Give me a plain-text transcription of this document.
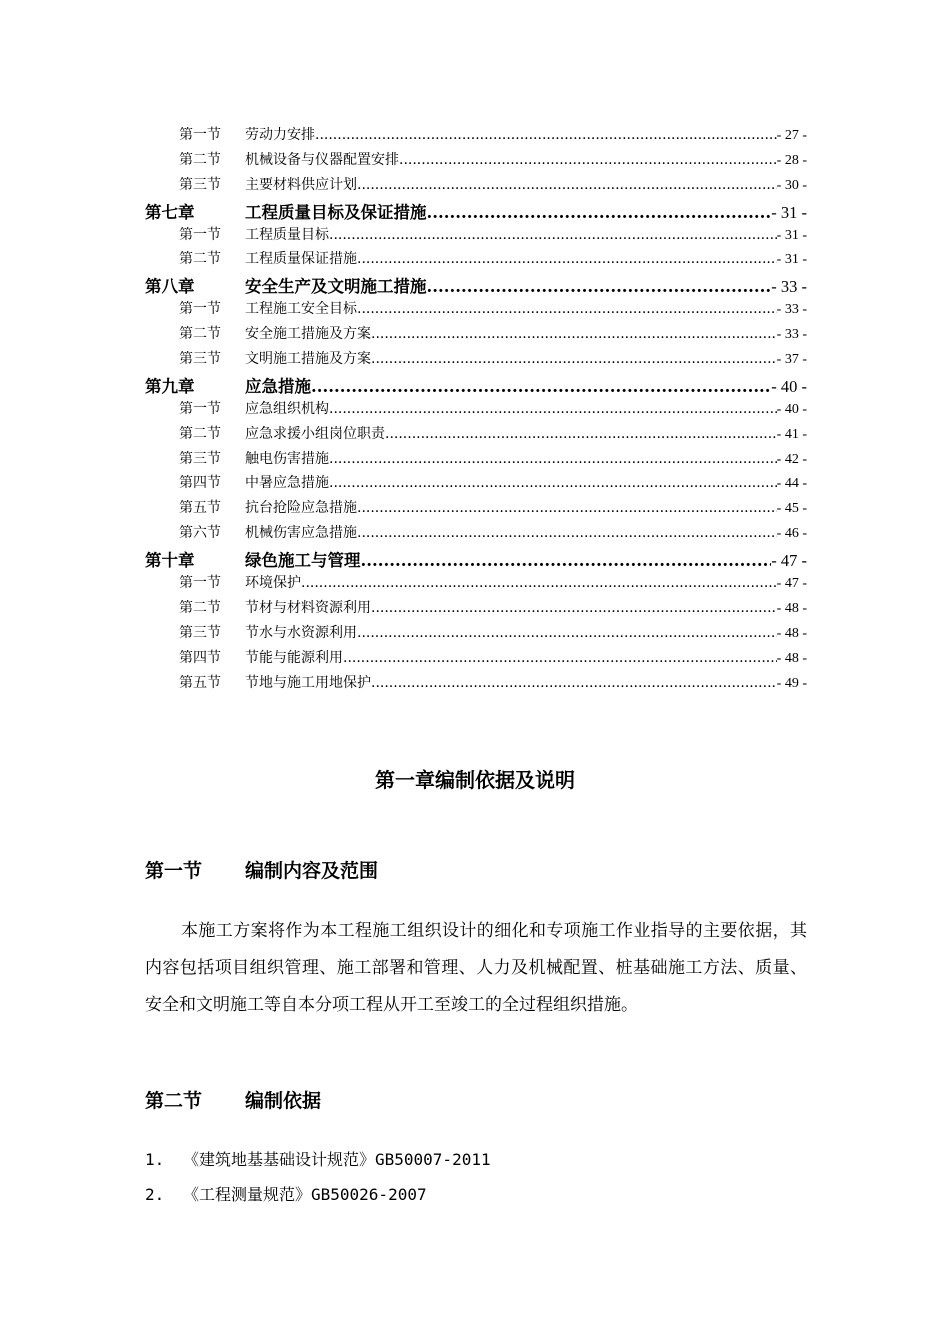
第一节	劳动力安排 .....	- 27 -
第二节	机械设备与仪器配置安排 .....	- 28 -
第三节	主要材料供应计划 .....	- 30 -
第七章	工程质量目标及保证措施 .....	- 31 -
第一节	工程质量目标 .....	- 31 -
第二节	工程质量保证措施 .....	- 31 -
第八章	安全生产及文明施工措施 .....	- 33 -
第一节	工程施工安全目标 .....	- 33 -
第二节	安全施工措施及方案 .....	- 33 -
第三节	文明施工措施及方案 .....	- 37 -
第九章	应急措施 .....	- 40 -
第一节	应急组织机构 .....	- 40 -
第二节	应急求援小组岗位职责 .....	- 41 -
第三节	触电伤害措施 .....	- 42 -
第四节	中暑应急措施 .....	- 44 -
第五节	抗台抢险应急措施 .....	- 45 -
第六节	机械伤害应急措施 .....	- 46 -
第十章	绿色施工与管理 .....	- 47 -
第一节	环境保护 .....	- 47 -
第二节	节材与材料资源利用 .....	- 48 -
第三节	节水与水资源利用 .....	- 48 -
第四节	节能与能源利用 .....	- 48 -
第五节	节地与施工用地保护 .....	- 49 -
第一章编制依据及说明
第一节	编制内容及范围
本施工方案将作为本工程施工组织设计的细化和专项施工作业指导的主要依据，其内容包括项目组织管理、施工部署和管理、人力及机械配置、桩基础施工方法、质量、安全和文明施工等自本分项工程从开工至竣工的全过程组织措施。
第二节	编制依据
1.	《建筑地基基础设计规范》GB50007-2011
2.	《工程测量规范》GB50026-2007
